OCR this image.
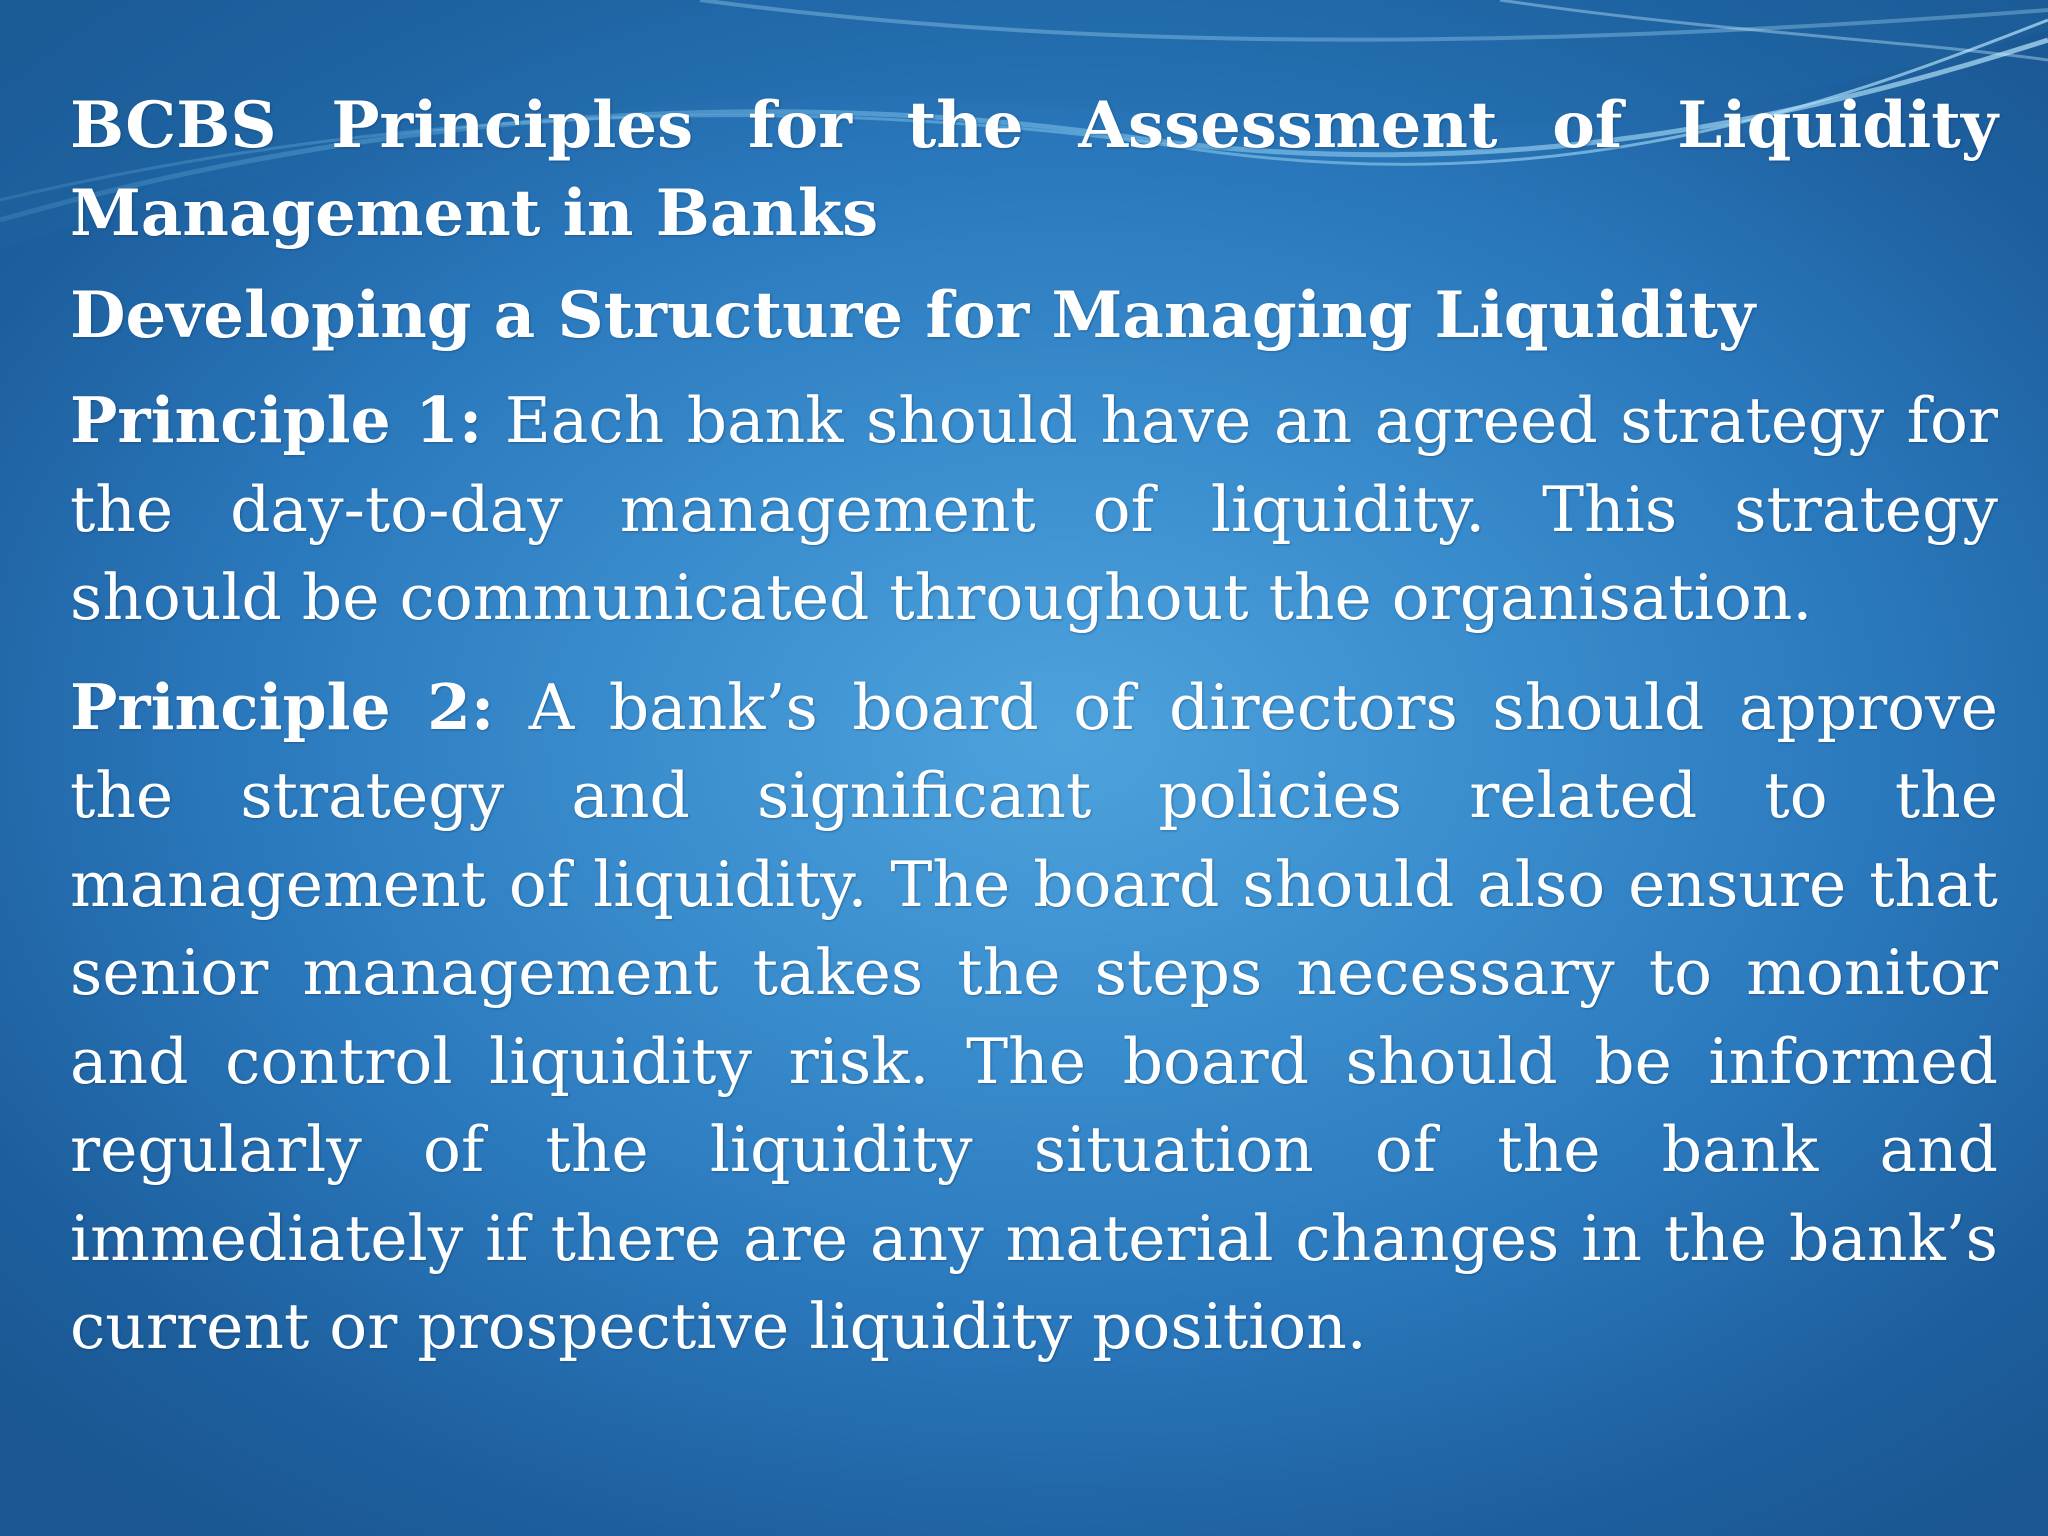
BCBS Principles for the Assessment of Liquidity Management in Banks

Developing a Structure for Managing Liquidity

Principle 1: Each bank should have an agreed strategy for the day-to-day management of liquidity. This strategy should be communicated throughout the organisation.

Principle 2: A bank’s board of directors should approve the strategy and significant policies related to the management of liquidity. The board should also ensure that senior management takes the steps necessary to monitor and control liquidity risk. The board should be informed regularly of the liquidity situation of the bank and immediately if there are any material changes in the bank’s current or prospective liquidity position.
